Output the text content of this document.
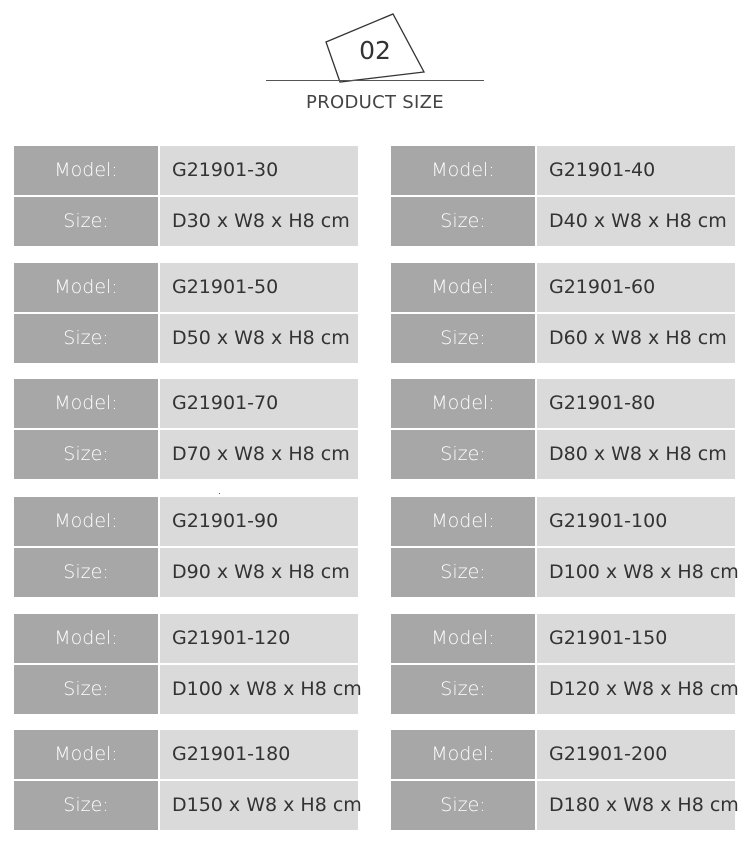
02
PRODUCT SIZE
Model:	G21901-30
Size:	D30 x W8 x H8 cm
Model:	G21901-40
Size:	D40 x W8 x H8 cm
Model:	G21901-50
Size:	D50 x W8 x H8 cm
Model:	G21901-60
Size:	D60 x W8 x H8 cm
Model:	G21901-70
Size:	D70 x W8 x H8 cm
Model:	G21901-80
Size:	D80 x W8 x H8 cm
Model:	G21901-90
Size:	D90 x W8 x H8 cm
Model:	G21901-100
Size:	D100 x W8 x H8 cm
Model:	G21901-120
Size:	D100 x W8 x H8 cm
Model:	G21901-150
Size:	D120 x W8 x H8 cm
Model:	G21901-180
Size:	D150 x W8 x H8 cm
Model:	G21901-200
Size:	D180 x W8 x H8 cm
